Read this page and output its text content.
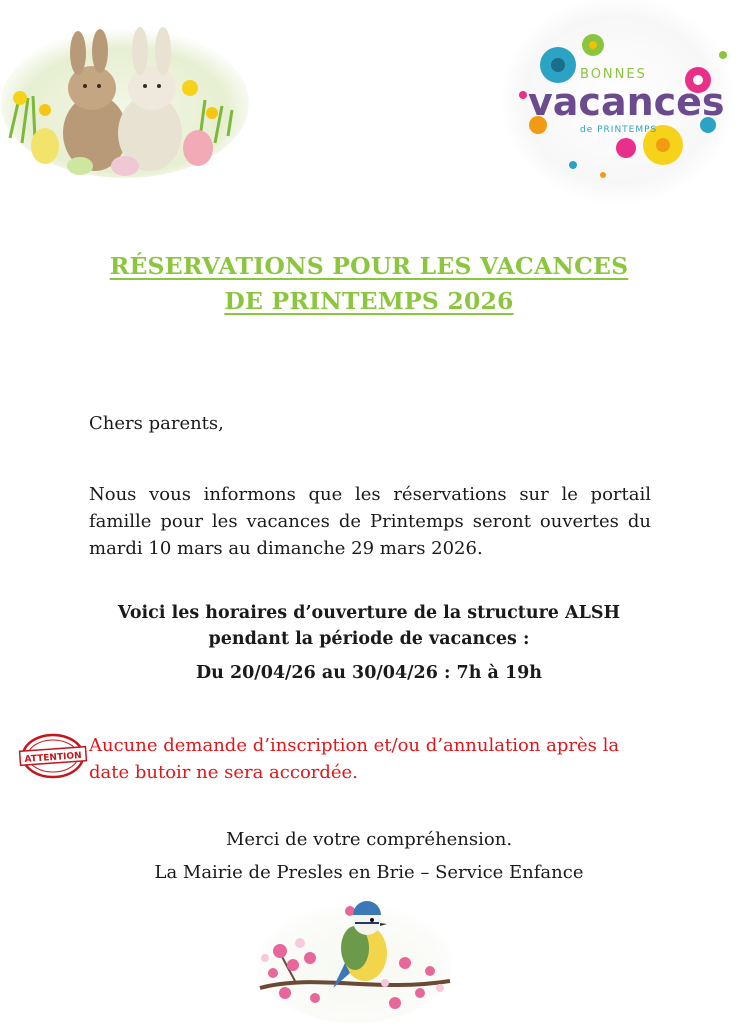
BONNES
vacances
de PRINTEMPS
RÉSERVATIONS POUR LES VACANCES
DE PRINTEMPS 2026
Chers parents,
Nous vous informons que les réservations sur le portail
famille pour les vacances de Printemps seront ouvertes du
mardi 10 mars au dimanche 29 mars 2026.
Voici les horaires d’ouverture de la structure ALSH
pendant la période de vacances :
Du 20/04/26 au 30/04/26 : 7h à 19h
ATTENTION
Aucune demande d’inscription et/ou d’annulation après la
date butoir ne sera accordée.
Merci de votre compréhension.
La Mairie de Presles en Brie – Service Enfance
